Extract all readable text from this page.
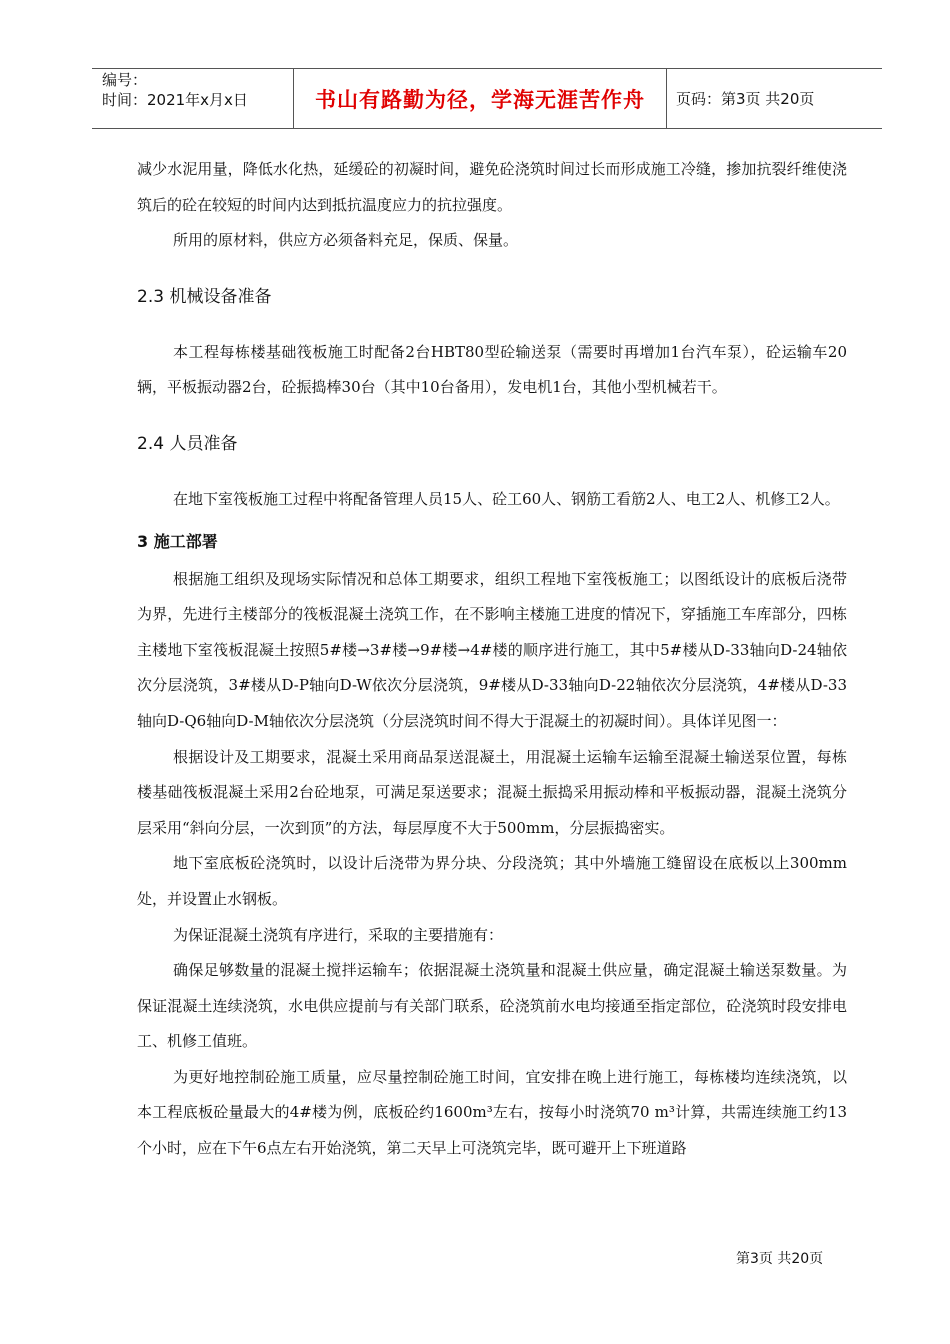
编号：
时间：2021年x月x日	书山有路勤为径，学海无涯苦作舟	页码：第3页 共20页

减少水泥用量，降低水化热，延缓砼的初凝时间，避免砼浇筑时间过长而形成施工冷缝，掺加抗裂纤维使浇筑后的砼在较短的时间内达到抵抗温度应力的抗拉强度。

所用的原材料，供应方必须备料充足，保质、保量。

2.3 机械设备准备

本工程每栋楼基础筏板施工时配备2台HBT80型砼输送泵（需要时再增加1台汽车泵），砼运输车20辆，平板振动器2台，砼振捣棒30台（其中10台备用），发电机1台，其他小型机械若干。

2.4 人员准备

在地下室筏板施工过程中将配备管理人员15人、砼工60人、钢筋工看筋2人、电工2人、机修工2人。

3 施工部署

根据施工组织及现场实际情况和总体工期要求，组织工程地下室筏板施工；以图纸设计的底板后浇带为界，先进行主楼部分的筏板混凝土浇筑工作，在不影响主楼施工进度的情况下，穿插施工车库部分，四栋主楼地下室筏板混凝土按照5#楼→3#楼→9#楼→4#楼的顺序进行施工，其中5#楼从D-33轴向D-24轴依次分层浇筑，3#楼从D-P轴向D-W依次分层浇筑，9#楼从D-33轴向D-22轴依次分层浇筑，4#楼从D-33轴向D-Q6轴向D-M轴依次分层浇筑（分层浇筑时间不得大于混凝土的初凝时间）。具体详见图一：

根据设计及工期要求，混凝土采用商品泵送混凝土，用混凝土运输车运输至混凝土输送泵位置，每栋楼基础筏板混凝土采用2台砼地泵，可满足泵送要求；混凝土振捣采用振动棒和平板振动器，混凝土浇筑分层采用“斜向分层，一次到顶”的方法，每层厚度不大于500mm，分层振捣密实。

地下室底板砼浇筑时，以设计后浇带为界分块、分段浇筑；其中外墙施工缝留设在底板以上300mm处，并设置止水钢板。

为保证混凝土浇筑有序进行，采取的主要措施有：

确保足够数量的混凝土搅拌运输车；依据混凝土浇筑量和混凝土供应量，确定混凝土输送泵数量。为保证混凝土连续浇筑，水电供应提前与有关部门联系，砼浇筑前水电均接通至指定部位，砼浇筑时段安排电工、机修工值班。

为更好地控制砼施工质量，应尽量控制砼施工时间，宜安排在晚上进行施工，每栋楼均连续浇筑，以本工程底板砼量最大的4#楼为例，底板砼约1600m³左右，按每小时浇筑70 m³计算，共需连续施工约13个小时，应在下午6点左右开始浇筑，第二天早上可浇筑完毕，既可避开上下班道路

第3页 共20页
